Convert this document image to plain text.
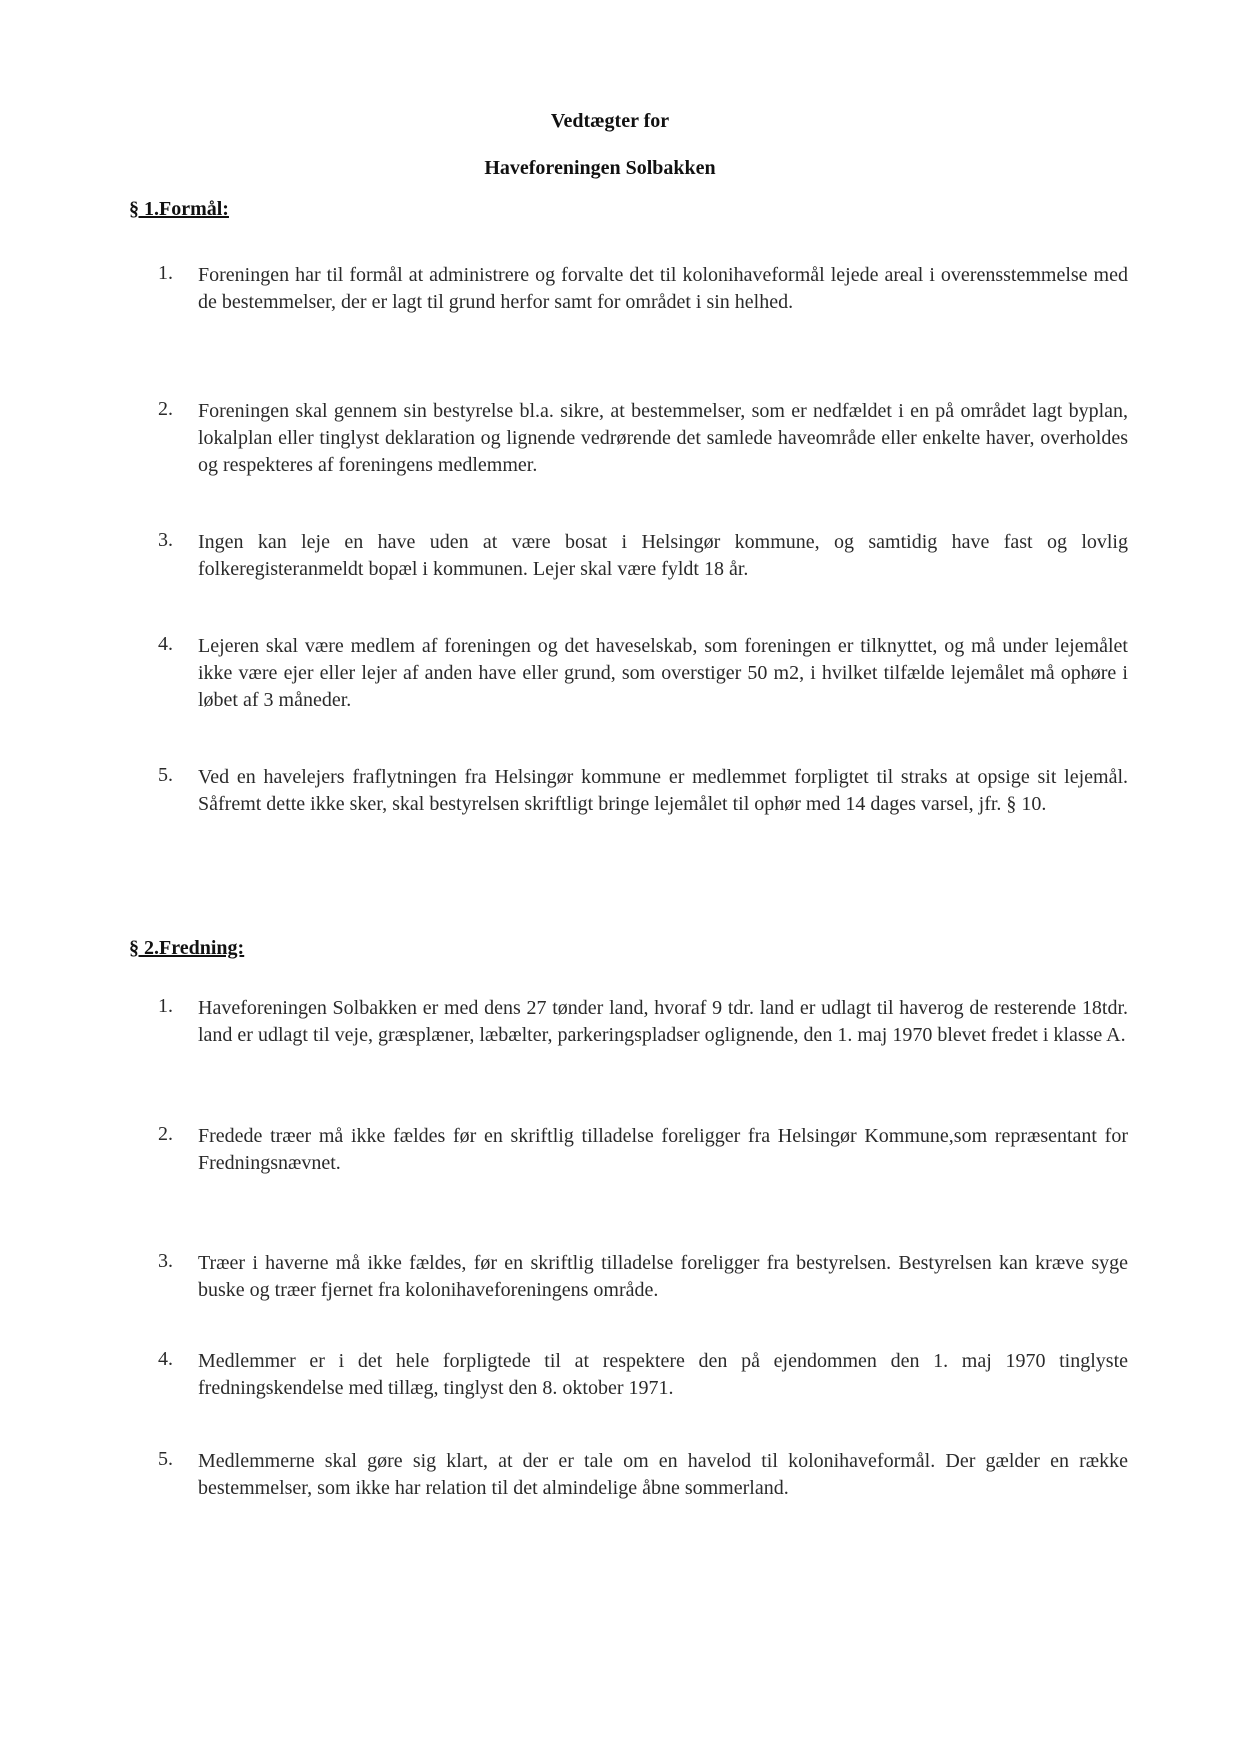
Vedtægter for
Haveforeningen Solbakken
§ 1.Formål:
1.	Foreningen har til formål at administrere og forvalte det til kolonihaveformål lejede areal i overensstemmelse med de bestemmelser, der er lagt til grund herfor samt for området i sin helhed.
2.	Foreningen skal gennem sin bestyrelse bl.a. sikre, at bestemmelser, som er nedfældet i en på området lagt byplan, lokalplan eller tinglyst deklaration og lignende vedrørende det samlede haveområde eller enkelte haver, overholdes og respekteres af foreningens medlemmer.
3.	Ingen kan leje en have uden at være bosat i Helsingør kommune, og samtidig have fast og lovlig folkeregisteranmeldt bopæl i kommunen. Lejer skal være fyldt 18 år.
4.	Lejeren skal være medlem af foreningen og det haveselskab, som foreningen er tilknyttet, og må under lejemålet ikke være ejer eller lejer af anden have eller grund, som overstiger 50 m2, i hvilket tilfælde lejemålet må ophøre i løbet af 3 måneder.
5.	Ved en havelejers fraflytningen fra Helsingør kommune er medlemmet forpligtet til straks at opsige sit lejemål. Såfremt dette ikke sker, skal bestyrelsen skriftligt bringe lejemålet til ophør med 14 dages varsel, jfr. § 10.
§ 2.Fredning:
1.	Haveforeningen Solbakken er med dens 27 tønder land, hvoraf 9 tdr. land er udlagt til haverog de resterende 18tdr. land er udlagt til veje, græsplæner, læbælter, parkeringspladser oglignende, den 1. maj 1970 blevet fredet i klasse A.
2.	Fredede træer må ikke fældes før en skriftlig tilladelse foreligger fra Helsingør Kommune,som repræsentant for Fredningsnævnet.
3.	Træer i haverne må ikke fældes, før en skriftlig tilladelse foreligger fra bestyrelsen. Bestyrelsen kan kræve syge buske og træer fjernet fra kolonihaveforeningens område.
4.	Medlemmer er i det hele forpligtede til at respektere den på ejendommen den 1. maj 1970 tinglyste fredningskendelse med tillæg, tinglyst den 8. oktober 1971.
5.	Medlemmerne skal gøre sig klart, at der er tale om en havelod til kolonihaveformål. Der gælder en række bestemmelser, som ikke har relation til det almindelige åbne sommerland.
